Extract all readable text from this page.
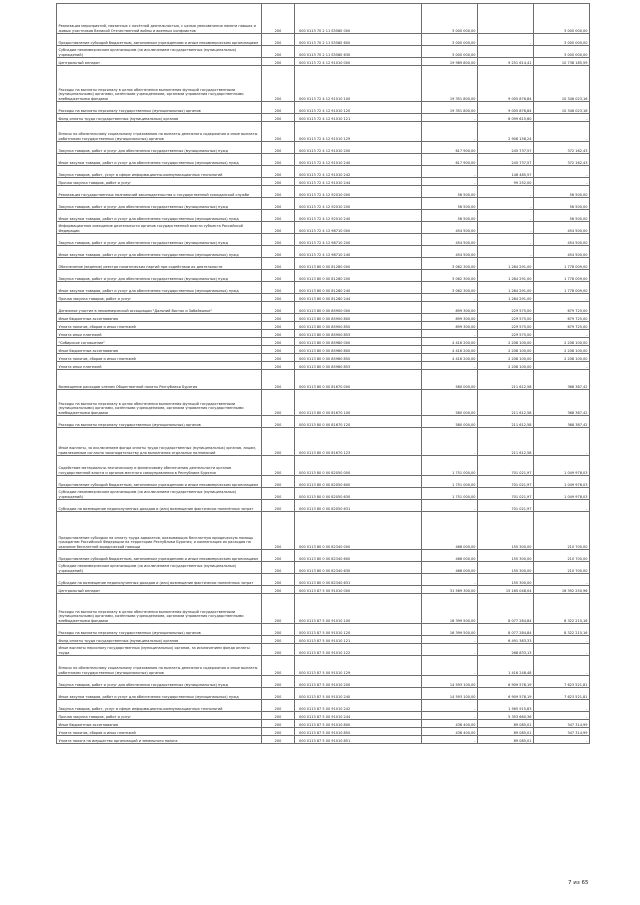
Реализация мероприятий, связанных с почётной деятельностью, с целью увековечения памяти павших и живых участников Великой Отечественной войны и военных конфликтов	200	000 0113 70 2 11 S5580 000	3 000 000,00		3 000 000,00
Предоставление субсидий бюджетным, автономным учреждениям и иным некоммерческим организациям	200	000 0113 70 2 11 S5580 600	3 000 000,00	-	3 000 000,00
Субсидии некоммерческим организациям (за исключением государственных (муниципальных) учреждений)	200	000 0113 70 2 11 S5580 630	3 000 000,00		3 000 000,00
Центральный аппарат	200	000 0113 72 4 12 91010 000	19 989 800,00	9 251 614,41	10 738 185,59
Расходы на выплаты персоналу в целях обеспечения выполнения функций государственными (муниципальными) органами, казёнными учреждениями, органами управления государственными внебюджетными фондами	200	000 0113 72 4 12 91010 100	19 351 800,00	9 005 876,84	10 346 023,16
Расходы на выплаты персоналу государственных (муниципальных) органов	200	000 0113 72 4 12 91010 120	19 351 800,00	9 005 876,84	10 346 023,16
Фонд оплаты труда государственных (муниципальных) органов	200	000 0113 72 4 12 91010 121	-	6 099 615,60	-
Взносы по обязательному социальному страхованию на выплаты денежного содержания и иные выплаты работникам государственных (муниципальных) органов	200	000 0113 72 4 12 91010 129	-	2 906 158,24	-
Закупка товаров, работ и услуг для обеспечения государственных (муниципальных) нужд	200	000 0113 72 4 12 91010 200	617 900,00	245 737,57	372 162,43
Иные закупки товаров, работ и услуг для обеспечения государственных (муниципальных) нужд	200	000 0113 72 4 12 91010 240	617 900,00	245 737,57	372 162,43
Закупка товаров, работ, услуг в сфере информационно-коммуникационных технологий	200	000 0113 72 4 12 91010 242	-	146 485,57	-
Прочая закупка товаров, работ и услуг	200	000 0113 72 4 12 91010 244	-	99 252,00	-
Реализация государственных полномочий законодательства о государственной гражданской службе	200	000 0113 72 4 12 92010 000	56 500,00	-	56 500,00
Закупка товаров, работ и услуг для обеспечения государственных (муниципальных) нужд	200	000 0113 72 4 12 92010 200	56 500,00	-	56 500,00
Иные закупки товаров, работ и услуг для обеспечения государственных (муниципальных) нужд	200	000 0113 72 4 12 92010 240	56 500,00	-	56 500,00
Информационное освещение деятельности органов государственной власти субъекта Российской Федерации	200	000 0113 72 4 12 98710 000	454 500,00	-	454 500,00
Закупка товаров, работ и услуг для обеспечения государственных (муниципальных) нужд	200	000 0113 72 4 12 98710 200	454 500,00	-	454 500,00
Иные закупки товаров, работ и услуг для обеспечения государственных (муниципальных) нужд	200	000 0113 72 4 12 98710 240	454 500,00	-	454 500,00
Обеспечение (ведение) реестра политических партий при содействии их деятельности	200	000 0113 80 0 00 81280 000	3 062 300,00	1 284 291,00	1 778 009,00
Закупка товаров, работ и услуг для обеспечения государственных (муниципальных) нужд	200	000 0113 80 0 00 81280 200	3 062 300,00	1 284 291,00	1 778 009,00
Иные закупки товаров, работ и услуг для обеспечения государственных (муниципальных) нужд	200	000 0113 80 0 00 81280 240	3 062 300,00	1 284 291,00	1 778 009,00
Прочая закупка товаров, работ и услуг	200	000 0113 80 0 00 81280 244	-	1 284 291,00	-
Денежное участие в некоммерческой ассоциации "Дальний Восток и Забайкалье"	200	000 0113 80 0 00 85900 000	899 300,00	229 575,00	679 725,00
Иные бюджетные ассигнования	200	000 0113 80 0 00 85900 800	899 300,00	229 575,00	679 725,00
Уплата налогов, сборов и иных платежей	200	000 0113 80 0 00 85900 850	899 300,00	229 575,00	679 725,00
Уплата иных платежей	200	000 0113 80 0 00 85900 853	-	229 575,00	-
"Сибирское соглашение"	200	000 0113 80 0 00 85980 000	4 416 200,00	2 208 100,00	2 208 100,00
Иные бюджетные ассигнования	200	000 0113 80 0 00 85980 800	4 416 200,00	2 208 100,00	2 208 100,00
Уплата налогов, сборов и иных платежей	200	000 0113 80 0 00 85980 850	4 416 200,00	2 208 100,00	2 208 100,00
Уплата иных платежей	200	000 0113 80 0 00 85980 853	-	2 208 100,00	-
Возмещение расходов членам Общественной палаты Республики Бурятия	200	000 0113 80 0 00 81670 000	580 000,00	211 612,58	368 387,42
Расходы на выплаты персоналу в целях обеспечения выполнения функций государственными (муниципальными) органами, казёнными учреждениями, органами управления государственными внебюджетными фондами	200	000 0113 80 0 00 81670 100	580 000,00	211 612,58	368 387,42
Расходы на выплаты персоналу государственных (муниципальных) органов	200	000 0113 80 0 00 81670 120	580 000,00	211 612,58	368 387,42
Иные выплаты, за исключением фонда оплаты труда государственных (муниципальных) органов, лицам, привлекаемым согласно законодательству для выполнения отдельных полномочий	200	000 0113 80 0 00 81670 123	-	211 612,58	-
Содействие материально-техническому и финансовому обеспечению деятельности органов государственной власти и органов местного самоуправления в Республике Бурятия	200	000 0113 80 0 00 82050 000	1 751 000,00	701 021,97	1 049 978,03
Предоставление субсидий бюджетным, автономным учреждениям и иным некоммерческим организациям	200	000 0113 80 0 00 82050 600	1 751 000,00	701 021,97	1 049 978,03
Субсидии некоммерческим организациям (за исключением государственных (муниципальных) учреждений)	200	000 0113 80 0 00 82050 630	1 751 000,00	701 021,97	1 049 978,03
Субсидии на возмещение недополученных доходов и (или) возмещение фактически понесённых затрат	200	000 0113 80 0 00 82050 631	-	701 021,97	-
Предоставление субсидии на оплату труда адвокатов, оказывающих бесплатную юридическую помощь гражданам Российской Федерации на территории Республики Бурятия, и компенсация их расходов на оказание бесплатной юридической помощи	200	000 0113 80 0 00 82340 000	466 000,00	155 300,00	210 700,00
Предоставление субсидий бюджетным, автономным учреждениям и иным некоммерческим организациям	200	000 0113 80 0 00 82340 600	466 000,00	155 300,00	210 700,00
Субсидии некоммерческим организациям (за исключением государственных (муниципальных) учреждений)	200	000 0113 80 0 00 82340 630	466 000,00	155 300,00	210 700,00
Субсидии на возмещение недополученных доходов и (или) возмещение фактически понесённых затрат	200	000 0113 80 0 00 82340 631	-	155 300,00	-
Центральный аппарат	200	000 0113 87 5 00 91010 000	31 569 300,00	15 165 048,04	16 392 250,96
Расходы на выплаты персоналу в целях обеспечения выполнения функций государственными (муниципальными) органами, казёнными учреждениями, органами управления государственными внебюджетными фондами	200	000 0113 87 5 00 91010 100	16 399 500,00	8 077 284,84	8 322 215,16
Расходы на выплаты персоналу государственных (муниципальных) органов	200	000 0113 87 5 00 91010 120	16 399 500,00	8 077 284,84	8 322 215,16
Фонд оплаты труда государственных (муниципальных) органов	200	000 0113 87 5 00 91010 121	-	6 491 383,33	-
Иные выплаты персоналу государственных (муниципальных) органов, за исключением фонда оплаты труда	200	000 0113 87 5 00 91010 122	-	268 833,13	-
Взносы по обязательному социальному страхованию на выплаты денежного содержания и иные выплаты работникам государственных (муниципальных) органов	200	000 0113 87 5 00 91010 129	-	1 416 248,48	-
Закупка товаров, работ и услуг для обеспечения государственных (муниципальных) нужд	200	000 0113 87 5 00 91010 200	14 593 100,00	6 909 578,19	7 623 521,81
Иные закупки товаров, работ и услуг для обеспечения государственных (муниципальных) нужд	200	000 0113 87 5 00 91010 240	14 593 100,00	6 909 578,19	7 623 521,81
Закупка товаров, работ, услуг в сфере информационно-коммуникационных технологий	200	000 0113 87 5 00 91010 242	-	1 565 915,83	-
Прочая закупка товаров, работ и услуг	200	000 0113 87 5 00 91010 244	-	5 353 660,36	-
Иные бюджетные ассигнования	200	000 0113 87 5 00 91010 800	436 400,00	89 085,01	347 314,99
Уплата налогов, сборов и иных платежей	200	000 0113 87 5 00 91010 850	436 400,00	89 085,01	347 314,99
Уплата налога на имущество организаций и земельного налога	200	000 0113 87 5 00 91010 851	-	89 085,01	-
7 из 65
